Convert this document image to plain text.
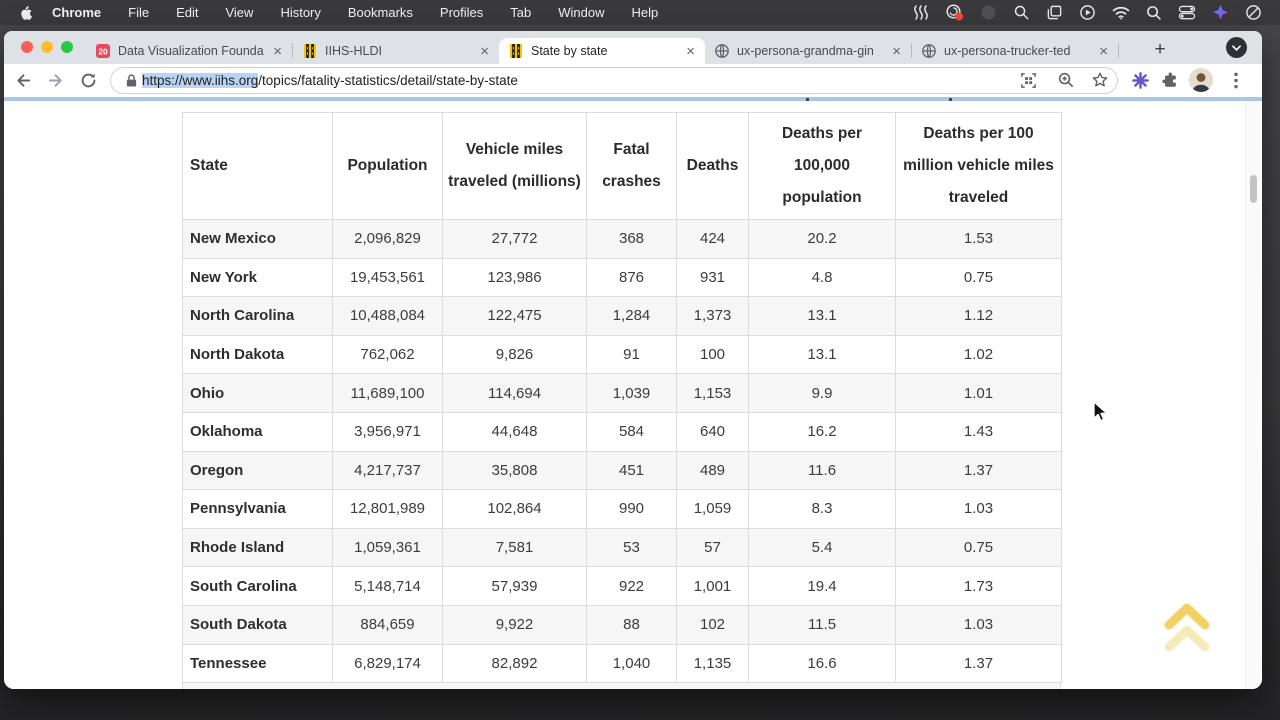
Chrome File Edit View History Bookmarks Profiles Tab Window Help
20 Data Visualization Founda ×	IIHS-HLDI	×	State by state	×	ux-persona-grandma-gin	×	ux-persona-trucker-ted	×	+
https://www.iihs.org /topics/fatality-statistics/detail/state-by-state
State	Population	Vehicle miles traveled (millions)	Fatal crashes	Deaths	Deaths per 100,000 population	Deaths per 100 million vehicle miles traveled
New Mexico	2,096,829	27,772	368	424	20.2	1.53
New York	19,453,561	123,986	876	931	4.8	0.75
North Carolina	10,488,084	122,475	1,284	1,373	13.1	1.12
North Dakota	762,062	9,826	91	100	13.1	1.02
Ohio	11,689,100	114,694	1,039	1,153	9.9	1.01
Oklahoma	3,956,971	44,648	584	640	16.2	1.43
Oregon	4,217,737	35,808	451	489	11.6	1.37
Pennsylvania	12,801,989	102,864	990	1,059	8.3	1.03
Rhode Island	1,059,361	7,581	53	57	5.4	0.75
South Carolina	5,148,714	57,939	922	1,001	19.4	1.73
South Dakota	884,659	9,922	88	102	11.5	1.03
Tennessee	6,829,174	82,892	1,040	1,135	16.6	1.37
